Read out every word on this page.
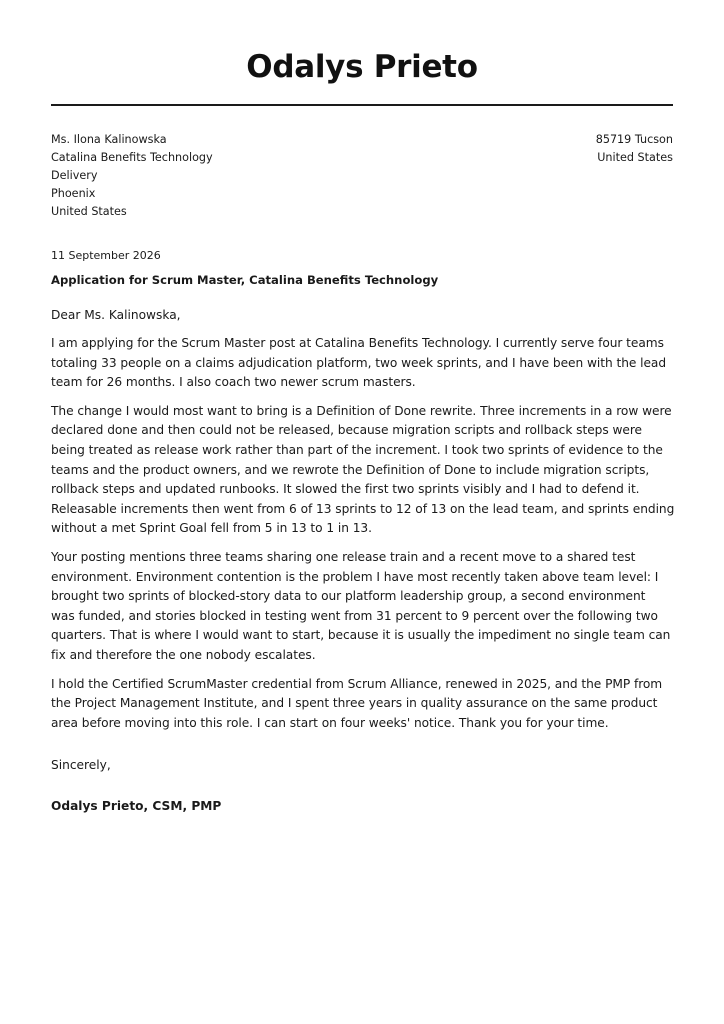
Odalys Prieto
Ms. Ilona Kalinowska
Catalina Benefits Technology
Delivery
Phoenix
United States
85719 Tucson
United States
11 September 2026
Application for Scrum Master, Catalina Benefits Technology
Dear Ms. Kalinowska,
I am applying for the Scrum Master post at Catalina Benefits Technology. I currently serve four teams
totaling 33 people on a claims adjudication platform, two week sprints, and I have been with the lead
team for 26 months. I also coach two newer scrum masters.
The change I would most want to bring is a Definition of Done rewrite. Three increments in a row were
declared done and then could not be released, because migration scripts and rollback steps were
being treated as release work rather than part of the increment. I took two sprints of evidence to the
teams and the product owners, and we rewrote the Definition of Done to include migration scripts,
rollback steps and updated runbooks. It slowed the first two sprints visibly and I had to defend it.
Releasable increments then went from 6 of 13 sprints to 12 of 13 on the lead team, and sprints ending
without a met Sprint Goal fell from 5 in 13 to 1 in 13.
Your posting mentions three teams sharing one release train and a recent move to a shared test
environment. Environment contention is the problem I have most recently taken above team level: I
brought two sprints of blocked-story data to our platform leadership group, a second environment
was funded, and stories blocked in testing went from 31 percent to 9 percent over the following two
quarters. That is where I would want to start, because it is usually the impediment no single team can
fix and therefore the one nobody escalates.
I hold the Certified ScrumMaster credential from Scrum Alliance, renewed in 2025, and the PMP from
the Project Management Institute, and I spent three years in quality assurance on the same product
area before moving into this role. I can start on four weeks' notice. Thank you for your time.
Sincerely,
Odalys Prieto, CSM, PMP
